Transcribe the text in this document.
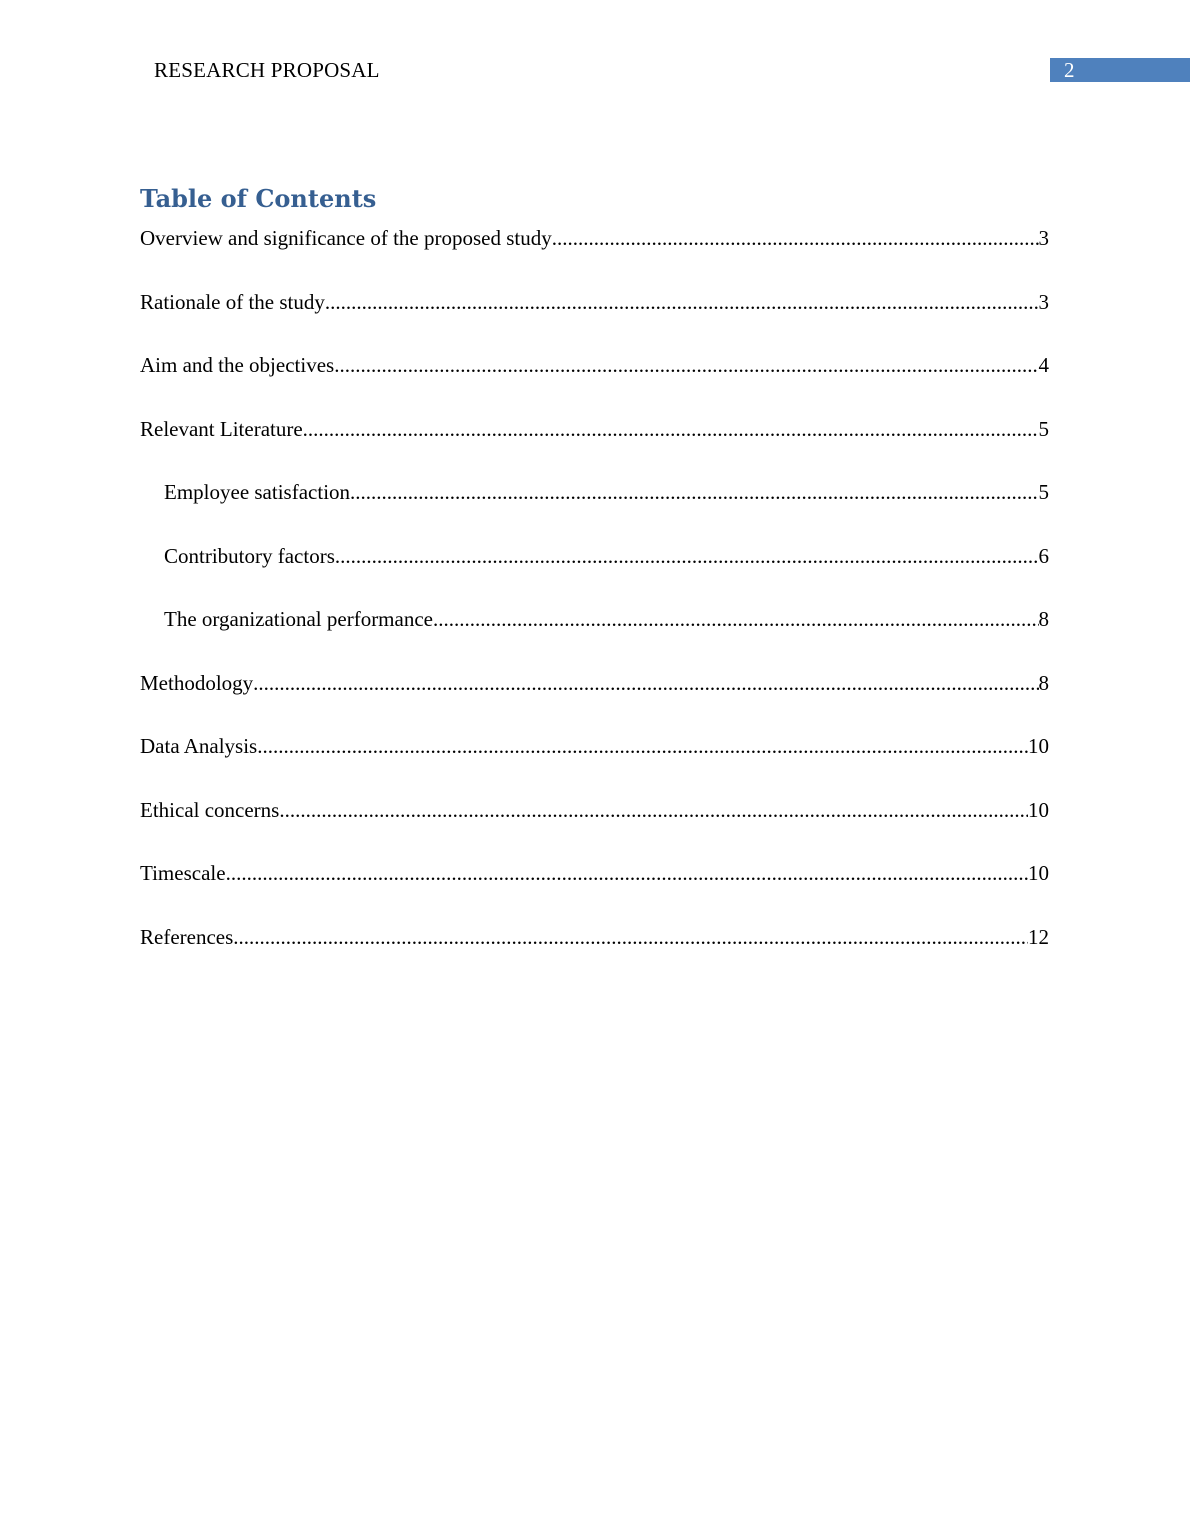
RESEARCH PROPOSAL	2
Table of Contents
Overview and significance of the proposed study .....	3
Rationale of the study .....	3
Aim and the objectives .....	4
Relevant Literature .....	5
Employee satisfaction .....	5
Contributory factors .....	6
The organizational performance .....	8
Methodology .....	8
Data Analysis .....	10
Ethical concerns .....	10
Timescale .....	10
References .....	12
